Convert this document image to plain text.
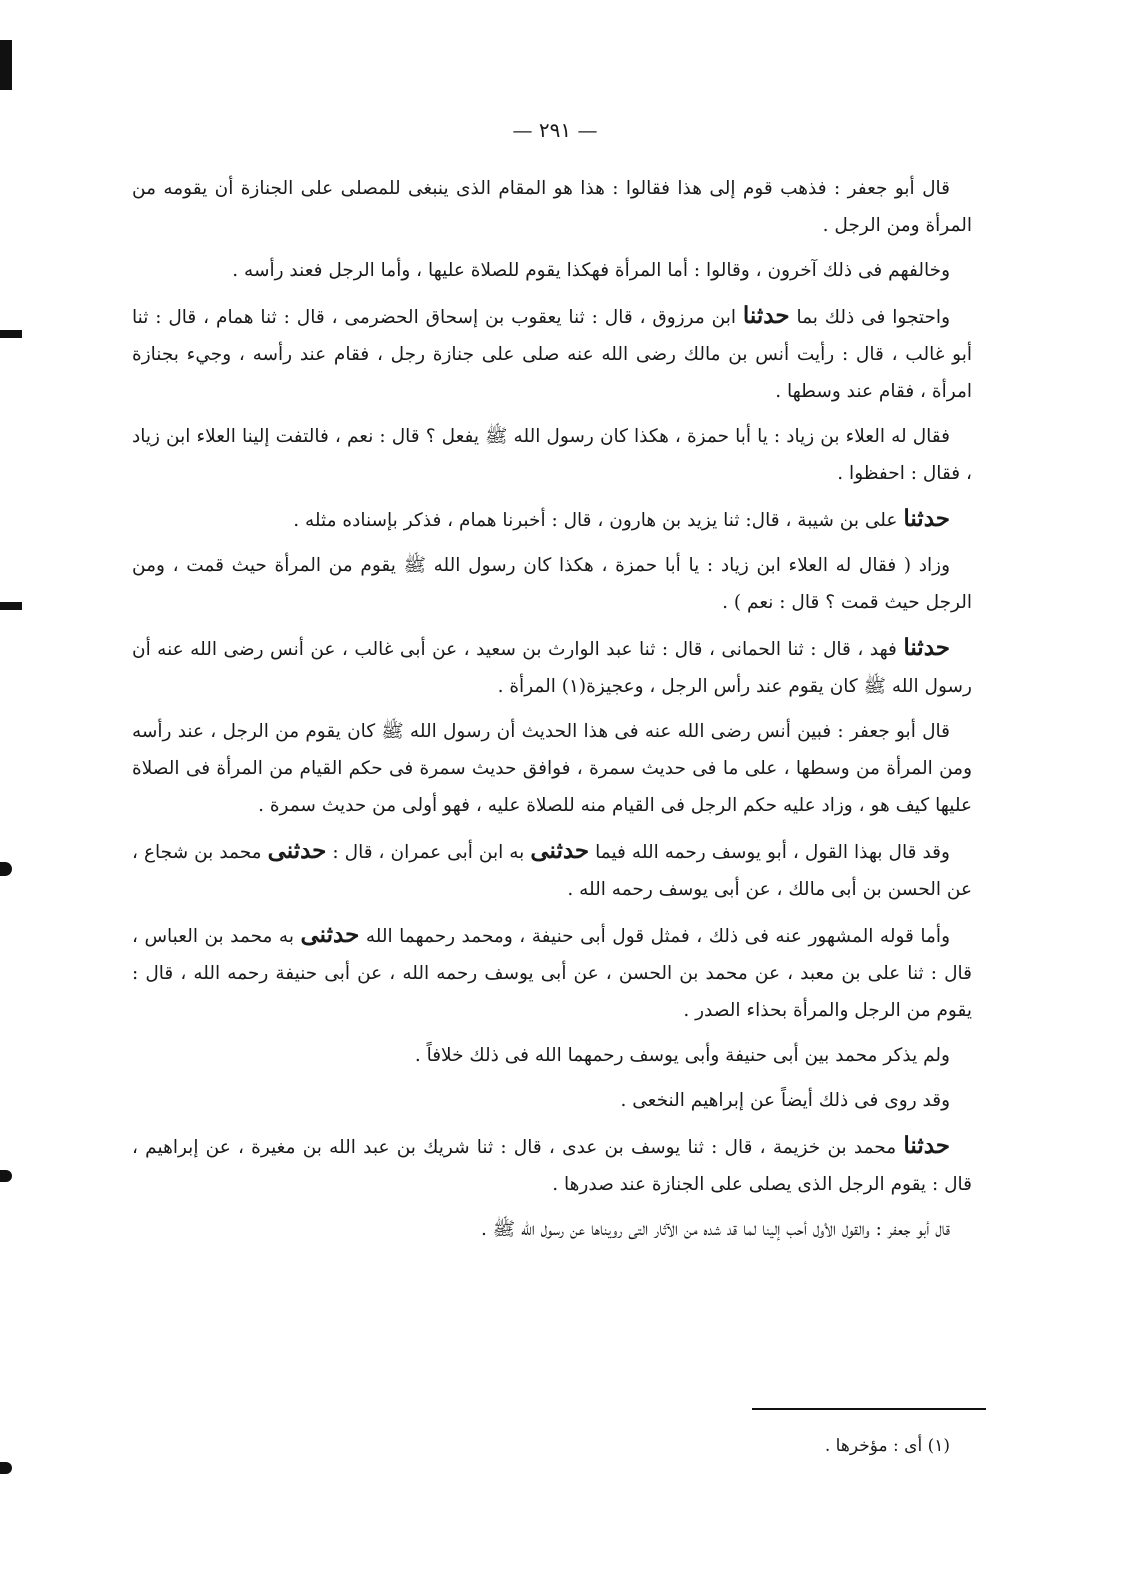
— ٢٩١ —

قال أبو جعفر : فذهب قوم إلى هذا فقالوا : هذا هو المقام الذى ينبغى للمصلى على الجنازة أن يقومه من المرأة ومن الرجل .

وخالفهم فى ذلك آخرون ، وقالوا : أما المرأة فهكذا يقوم للصلاة عليها ، وأما الرجل فعند رأسه .

واحتجوا فى ذلك بما حدثنا ابن مرزوق ، قال : ثنا يعقوب بن إسحاق الحضرمى ، قال : ثنا همام ، قال : ثنا أبو غالب ، قال : رأيت أنس بن مالك رضى الله عنه صلى على جنازة رجل ، فقام عند رأسه ، وجيء بجنازة امرأة ، فقام عند وسطها .

فقال له العلاء بن زياد : يا أبا حمزة ، هكذا كان رسول الله ﷺ يفعل ؟ قال : نعم ، فالتفت إلينا العلاء ابن زياد ، فقال : احفظوا .

حدثنا على بن شيبة ، قال: ثنا يزيد بن هارون ، قال : أخبرنا همام ، فذكر بإسناده مثله .

وزاد ( فقال له العلاء ابن زياد : يا أبا حمزة ، هكذا كان رسول الله ﷺ يقوم من المرأة حيث قمت ، ومن الرجل حيث قمت ؟ قال : نعم ) .

حدثنا فهد ، قال : ثنا الحمانى ، قال : ثنا عبد الوارث بن سعيد ، عن أبى غالب ، عن أنس رضى الله عنه أن رسول الله ﷺ كان يقوم عند رأس الرجل ، وعجيزة(١) المرأة .

قال أبو جعفر : فبين أنس رضى الله عنه فى هذا الحديث أن رسول الله ﷺ كان يقوم من الرجل ، عند رأسه ومن المرأة من وسطها ، على ما فى حديث سمرة ، فوافق حديث سمرة فى حكم القيام من المرأة فى الصلاة عليها كيف هو ، وزاد عليه حكم الرجل فى القيام منه للصلاة عليه ، فهو أولى من حديث سمرة .

وقد قال بهذا القول ، أبو يوسف رحمه الله فيما حدثنى به ابن أبى عمران ، قال : حدثنى محمد بن شجاع ، عن الحسن بن أبى مالك ، عن أبى يوسف رحمه الله .

وأما قوله المشهور عنه فى ذلك ، فمثل قول أبى حنيفة ، ومحمد رحمهما الله حدثنى به محمد بن العباس ، قال : ثنا على بن معبد ، عن محمد بن الحسن ، عن أبى يوسف رحمه الله ، عن أبى حنيفة رحمه الله ، قال : يقوم من الرجل والمرأة بحذاء الصدر .

ولم يذكر محمد بين أبى حنيفة وأبى يوسف رحمهما الله فى ذلك خلافاً .

وقد روى فى ذلك أيضاً عن إبراهيم النخعى .

حدثنا محمد بن خزيمة ، قال : ثنا يوسف بن عدى ، قال : ثنا شريك بن عبد الله بن مغيرة ، عن إبراهيم ، قال : يقوم الرجل الذى يصلى على الجنازة عند صدرها .

قال أبو جعفر : والقول الأول أحب إلينا لما قد شده من الآثار التى رويناها عن رسول الله ﷺ .

(١) أى : مؤخرها .
